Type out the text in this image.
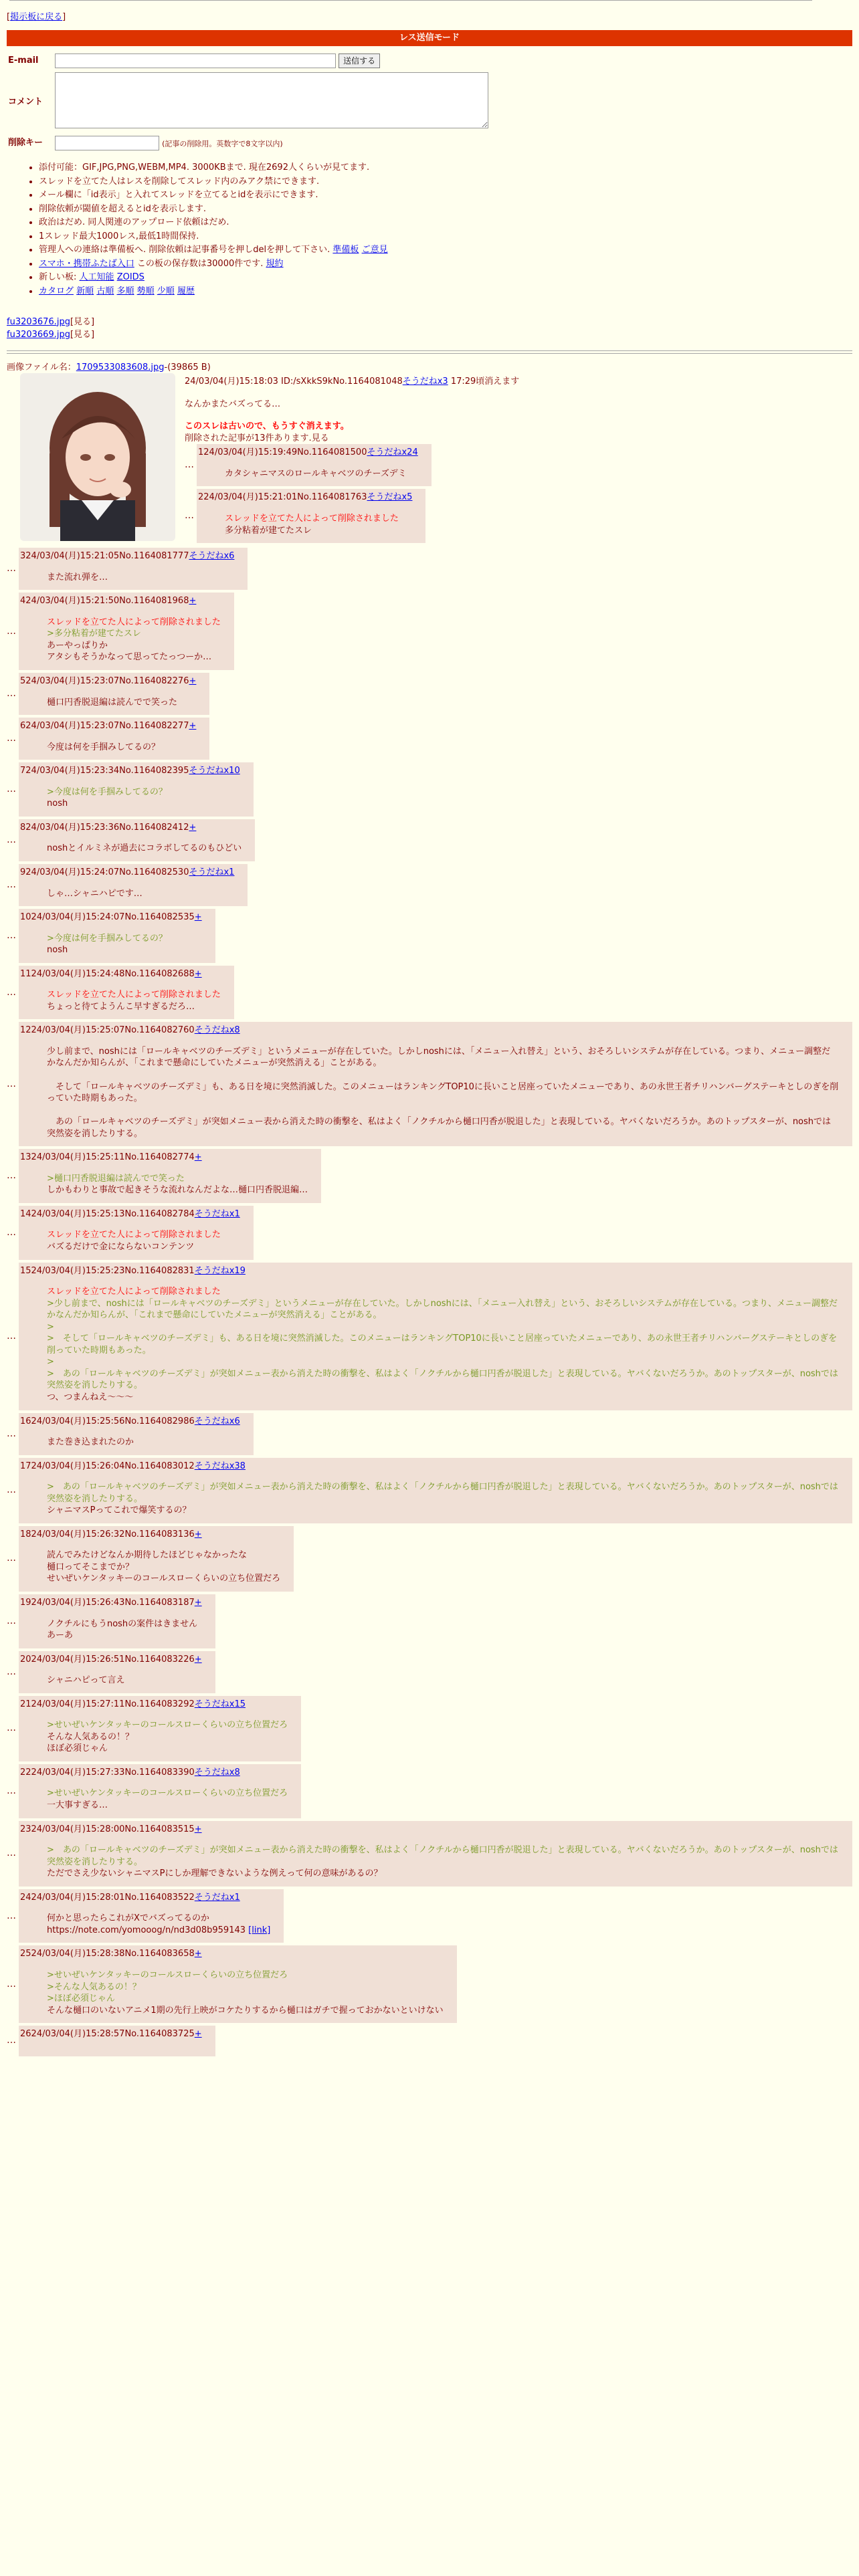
[掲示板に戻る]
レス送信モード
E-mail	送信する
コメント	
削除キー	(記事の削除用。英数字で8文字以内)
• 添付可能：GIF,JPG,PNG,WEBM,MP4. 3000KBまで. 現在2692人くらいが見てます.
• スレッドを立てた人はレスを削除してスレッド内のみアク禁にできます.
• メール欄に「id表示」と入れてスレッドを立てるとidを表示にできます.
• 削除依頼が閾値を超えるとidを表示します.
• 政治はだめ. 同人関連のアップロード依頼はだめ.
• 1スレッド最大1000レス,最低1時間保持.
• 管理人への連絡は準備板へ. 削除依頼は記事番号を押しdelを押して下さい. 準備板 ご意見
• スマホ・携帯ふたば入口 この板の保存数は30000件です. 規約
• 新しい板: 人工知能 ZOIDS
• カタログ 新順 古順 多順 勢順 少順 履歴
fu3203676.jpg[見る]
fu3203669.jpg[見る]
画像ファイル名：1709533083608.jpg-(39865 B)
24/03/04(月)15:18:03 ID:/sXkkS9kNo.1164081048そうだねx3 17:29頃消えます
なんかまたバズってる…
このスレは古いので、もうすぐ消えます。
削除された記事が13件あります.見る
…
124/03/04(月)15:19:49No.1164081500そうだねx24
カタシャニマスのロールキャベツのチーズデミ
…
224/03/04(月)15:21:01No.1164081763そうだねx5
スレッドを立てた人によって削除されました
多分粘着が建てたスレ
…
324/03/04(月)15:21:05No.1164081777そうだねx6
また流れ弾を…
…
424/03/04(月)15:21:50No.1164081968+
スレッドを立てた人によって削除されました
>多分粘着が建てたスレ
あーやっぱりか
アタシもそうかなって思ってたっつーか…
…
524/03/04(月)15:23:07No.1164082276+
樋口円香脱退編は読んでで笑った
…
624/03/04(月)15:23:07No.1164082277+
今度は何を手掴みしてるの？
…
724/03/04(月)15:23:34No.1164082395そうだねx10
>今度は何を手掴みしてるの？
nosh
…
824/03/04(月)15:23:36No.1164082412+
noshとイルミネが過去にコラボしてるのもひどい
…
924/03/04(月)15:24:07No.1164082530そうだねx1
しゃ…シャニハピです…
…
1024/03/04(月)15:24:07No.1164082535+
>今度は何を手掴みしてるの？
nosh
…
1124/03/04(月)15:24:48No.1164082688+
スレッドを立てた人によって削除されました
ちょっと待てようんこ早すぎるだろ…
…
1224/03/04(月)15:25:07No.1164082760そうだねx8
少し前まで、noshには「ロールキャベツのチーズデミ」というメニューが存在していた。しかしnoshには、「メニュー入れ替え」という、おそろしいシステムが存在している。つまり、メニュー調整だかなんだか知らんが、「これまで懸命にしていたメニューが突然消える」ことがある。

　そして「ロールキャベツのチーズデミ」も、ある日を境に突然消滅した。このメニューはランキングTOP10に長いこと居座っていたメニューであり、あの永世王者チリハンバーグステーキとしのぎを削っていた時期もあった。

　あの「ロールキャベツのチーズデミ」が突如メニュー表から消えた時の衝撃を、私はよく「ノクチルから樋口円香が脱退した」と表現している。ヤバくないだろうか。あのトップスターが、noshでは突然姿を消したりする。
…
1324/03/04(月)15:25:11No.1164082774+
>樋口円香脱退編は読んでで笑った
しかもわりと事故で起きそうな流れなんだよな…樋口円香脱退編…
…
1424/03/04(月)15:25:13No.1164082784そうだねx1
スレッドを立てた人によって削除されました
バズるだけで金にならないコンテンツ
…
1524/03/04(月)15:25:23No.1164082831そうだねx19
スレッドを立てた人によって削除されました
>少し前まで、noshには「ロールキャベツのチーズデミ」というメニューが存在していた。しかしnoshには、「メニュー入れ替え」という、おそろしいシステムが存在している。つまり、メニュー調整だかなんだか知らんが、「これまで懸命にしていたメニューが突然消える」ことがある。
>
>　そして「ロールキャベツのチーズデミ」も、ある日を境に突然消滅した。このメニューはランキングTOP10に長いこと居座っていたメニューであり、あの永世王者チリハンバーグステーキとしのぎを削っていた時期もあった。
>
>　あの「ロールキャベツのチーズデミ」が突如メニュー表から消えた時の衝撃を、私はよく「ノクチルから樋口円香が脱退した」と表現している。ヤバくないだろうか。あのトップスターが、noshでは突然姿を消したりする。
つ、つまんねえ〜〜〜
…
1624/03/04(月)15:25:56No.1164082986そうだねx6
また巻き込まれたのか
…
1724/03/04(月)15:26:04No.1164083012そうだねx38
>　あの「ロールキャベツのチーズデミ」が突如メニュー表から消えた時の衝撃を、私はよく「ノクチルから樋口円香が脱退した」と表現している。ヤバくないだろうか。あのトップスターが、noshでは突然姿を消したりする。
シャニマスPってこれで爆笑するの？
…
1824/03/04(月)15:26:32No.1164083136+
読んでみたけどなんか期待したほどじゃなかったな
樋口ってそこまでか？
せいぜいケンタッキーのコールスローくらいの立ち位置だろ
…
1924/03/04(月)15:26:43No.1164083187+
ノクチルにもうnoshの案件はきません
あーあ
…
2024/03/04(月)15:26:51No.1164083226+
シャニハピって言え
…
2124/03/04(月)15:27:11No.1164083292そうだねx15
>せいぜいケンタッキーのコールスローくらいの立ち位置だろ
そんな人気あるの！？
ほぼ必須じゃん
…
2224/03/04(月)15:27:33No.1164083390そうだねx8
>せいぜいケンタッキーのコールスローくらいの立ち位置だろ
一大事すぎる…
…
2324/03/04(月)15:28:00No.1164083515+
>　あの「ロールキャベツのチーズデミ」が突如メニュー表から消えた時の衝撃を、私はよく「ノクチルから樋口円香が脱退した」と表現している。ヤバくないだろうか。あのトップスターが、noshでは突然姿を消したりする。
ただでさえ少ないシャニマスPにしか理解できないような例えって何の意味があるの？
…
2424/03/04(月)15:28:01No.1164083522そうだねx1
何かと思ったらこれがXでバズってるのか
https://note.com/yomooog/n/nd3d08b959143 [link]
…
2524/03/04(月)15:28:38No.1164083658+
>せいぜいケンタッキーのコールスローくらいの立ち位置だろ
>そんな人気あるの！？
>ほぼ必須じゃん
そんな樋口のいないアニメ1期の先行上映がコケたりするから樋口はガチで握っておかないといけない
…
2624/03/04(月)15:28:57No.1164083725+
